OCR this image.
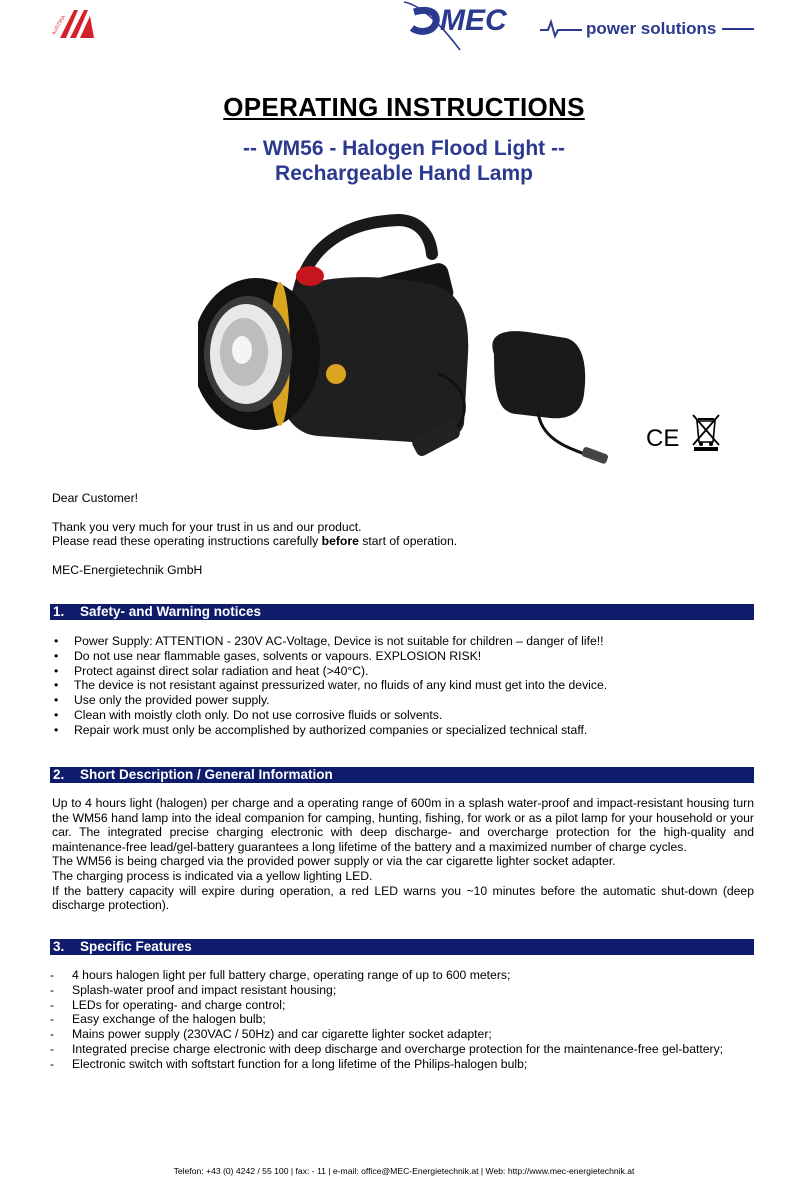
AUSTRIA	MEC	power solutions
OPERATING INSTRUCTIONS
-- WM56 - Halogen Flood Light --
Rechargeable Hand Lamp
CE
Dear Customer!
Thank you very much for your trust in us and our product.
Please read these operating instructions carefully before start of operation.
MEC-Energietechnik GmbH
1. Safety- and Warning notices
• Power Supply: ATTENTION - 230V AC-Voltage, Device is not suitable for children – danger of life!!
• Do not use near flammable gases, solvents or vapours. EXPLOSION RISK!
• Protect against direct solar radiation and heat (>40°C).
• The device is not resistant against pressurized water, no fluids of any kind must get into the device.
• Use only the provided power supply.
• Clean with moistly cloth only. Do not use corrosive fluids or solvents.
• Repair work must only be accomplished by authorized companies or specialized technical staff.
2. Short Description / General Information

Up to 4 hours light (halogen) per charge and a operating range of 600m in a splash water-proof and impact-resistant housing turn the WM56 hand lamp into the ideal companion for camping, hunting, fishing, for work or as a pilot lamp for your household or your car. The integrated precise charging electronic with deep discharge- and overcharge protection for the high-quality and maintenance-free lead/gel-battery guarantees a long lifetime of the battery and a maximized number of charge cycles.

The WM56 is being charged via the provided power supply or via the car cigarette lighter socket adapter.

The charging process is indicated via a yellow lighting LED.

If the battery capacity will expire during operation, a red LED warns you ~10 minutes before the automatic shut-down (deep discharge protection).

3. Specific Features
- 4 hours halogen light per full battery charge, operating range of up to 600 meters;
- Splash-water proof and impact resistant housing;
- LEDs for operating- and charge control;
- Easy exchange of the halogen bulb;
- Mains power supply (230VAC / 50Hz) and car cigarette lighter socket adapter;
- Integrated precise charge electronic with deep discharge and overcharge protection for the maintenance-free gel-battery;
- Electronic switch with softstart function for a long lifetime of the Philips-halogen bulb;
Telefon: +43 (0) 4242 / 55 100 | fax: - 11 | e-mail: office@MEC-Energietechnik.at | Web: http://www.mec-energietechnik.at
